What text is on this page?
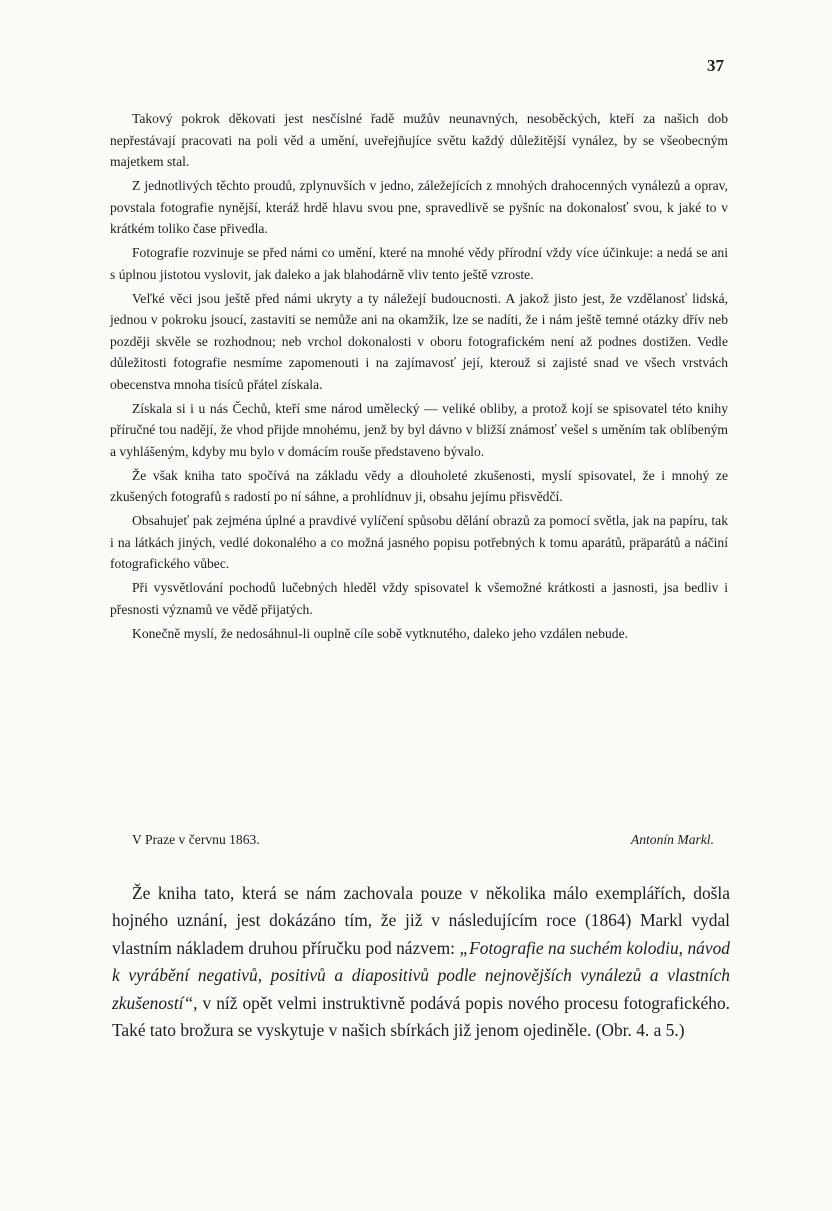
37

Takový pokrok děkovati jest nesčíslné řadě mužův neunavných, nesoběckých, kteří za našich dob nepřestávají pracovati na poli věd a umění, uveřejňujíce světu každý důležitější vynález, by se všeobecným majetkem stal.

Z jednotlivých těchto proudů, zplynuvších v jedno, záležejících z mnohých drahocenných vynálezů a oprav, povstala fotografie nynější, kteráž hrdě hlavu svou pne, spravedlivě se pyšníc na dokonalosť svou, k jaké to v krátkém toliko čase přivedla.

Fotografie rozvinuje se před námi co umění, které na mnohé vědy přírodní vždy více účinkuje: a nedá se ani s úplnou jistotou vyslovit, jak daleko a jak blahodárně vliv tento ještě vzroste.

Veľké věci jsou ještě před námi ukryty a ty náležejí budoucnosti. A jakož jisto jest, že vzdělanosť lidská, jednou v pokroku jsoucí, zastaviti se nemůže ani na okamžik, lze se nadíti, že i nám ještě temné otázky dřív neb později skvěle se rozhodnou; neb vrchol dokonalosti v oboru fotografickém není až podnes dostižen. Vedle důležitosti fotografie nesmíme zapomenouti i na zajímavosť její, kterouž si zajisté snad ve všech vrstvách obecenstva mnoha tisíců přátel získala.

Získala si i u nás Čechů, kteří sme národ umělecký — veliké obliby, a protož kojí se spisovatel této knihy příručné tou nadějí, že vhod přijde mnohému, jenž by byl dávno v bližší známosť vešel s uměním tak oblíbeným a vyhlášeným, kdyby mu bylo v domácím rouše představeno bývalo.

Že však kniha tato spočívá na základu vědy a dlouholeté zkušenosti, myslí spisovatel, že i mnohý ze zkušených fotografů s radostí po ní sáhne, a prohlídnuv ji, obsahu jejímu přisvědčí.

Obsahujeť pak zejména úplné a pravdivé vylíčení spůsobu dělání obrazů za pomocí světla, jak na papíru, tak i na látkách jiných, vedlé dokonalého a co možná jasného popisu potřebných k tomu aparátů, präparátů a náčiní fotografického vůbec.

Při vysvětlování pochodů lučebných hleděl vždy spisovatel k všemožné krátkosti a jasnosti, jsa bedliv i přesnosti významů ve vědě přijatých.

Konečně myslí, že nedosáhnul-li ouplně cíle sobě vytknutého, daleko jeho vzdálen nebude.

V Praze v červnu 1863.	Antonín Markl.

Že kniha tato, která se nám zachovala pouze v několika málo exemplářích, došla hojného uznání, jest dokázáno tím, že již v následujícím roce (1864) Markl vydal vlastním nákladem druhou příručku pod názvem: „Fotografie na suchém kolodiu, návod k vyrábění negativů, positivů a diapositivů podle nejnovějších vynálezů a vlastních zkušeností“, v níž opět velmi instruktivně podává popis nového procesu fotografického. Také tato brožura se vyskytuje v našich sbírkách již jenom ojediněle. (Obr. 4. a 5.)
